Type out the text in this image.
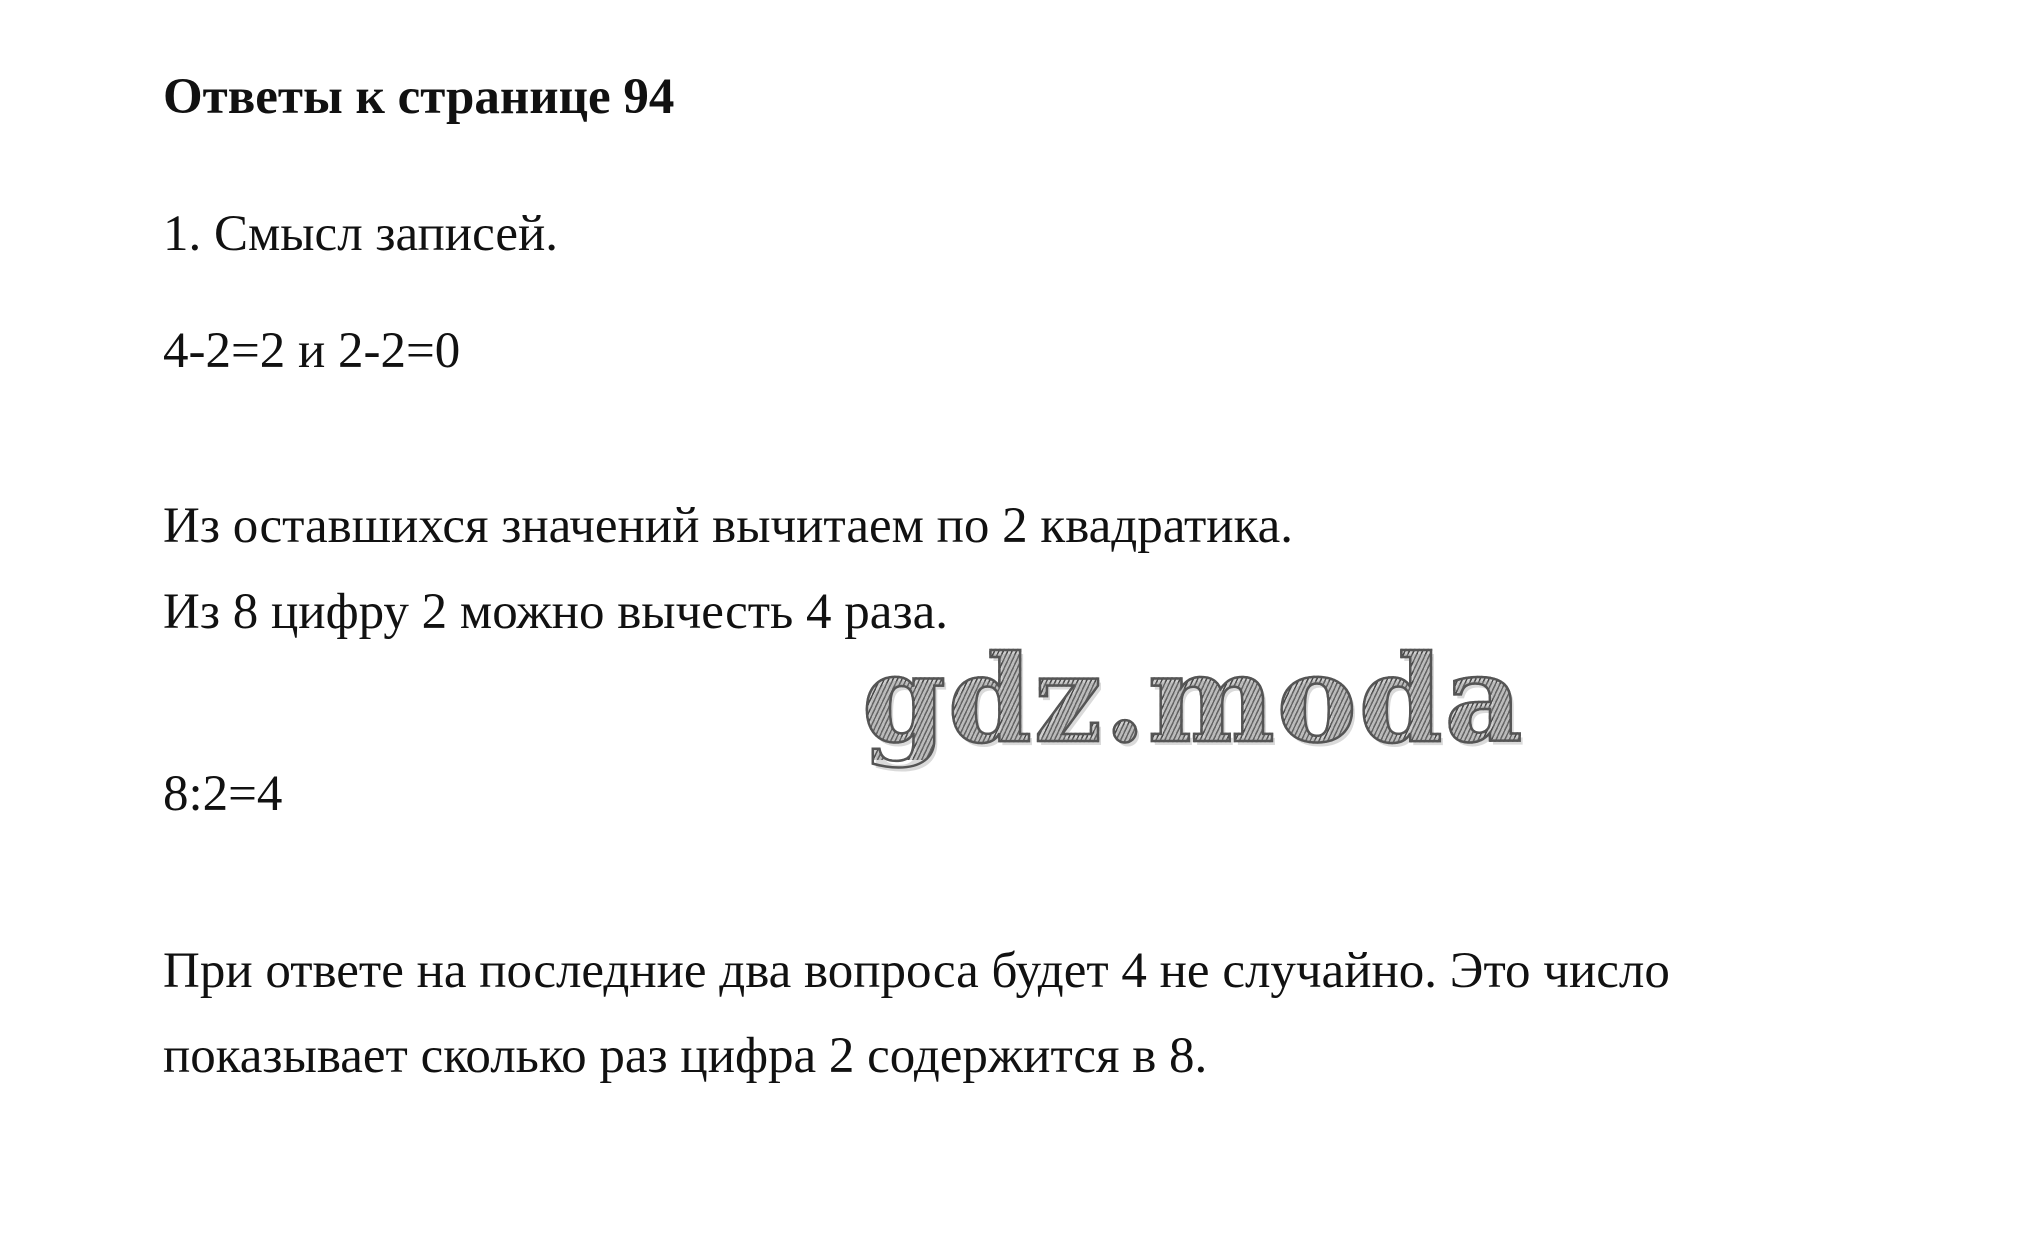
Ответы к странице 94
1. Смысл записей.
4-2=2 и 2-2=0
Из оставшихся значений вычитаем по 2 квадратика.
Из 8 цифру 2 можно вычесть 4 раза.
8:2=4
При ответе на последние два вопроса будет 4 не случайно. Это число
показывает сколько раз цифра 2 содержится в 8.
gdz.moda
